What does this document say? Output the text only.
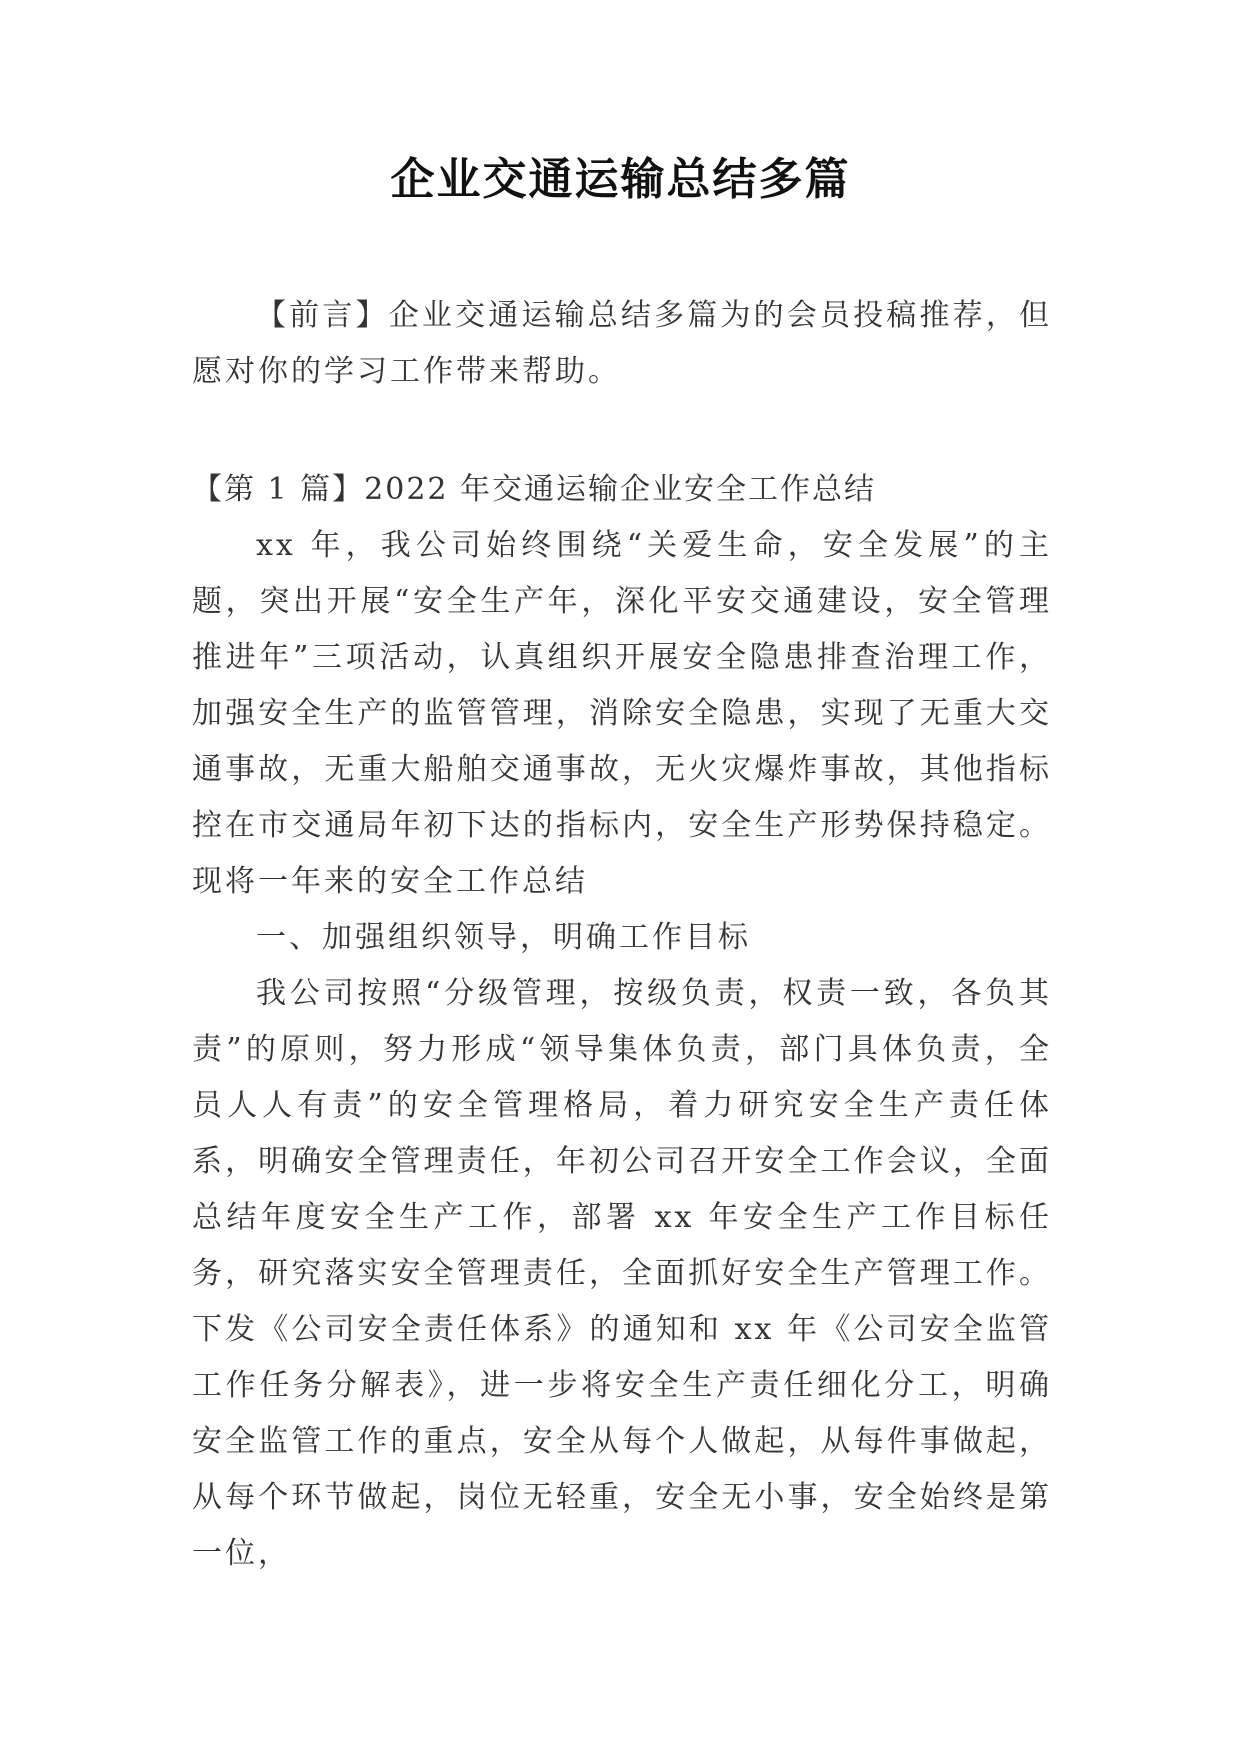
企业交通运输总结多篇
【前言】企业交通运输总结多篇为的会员投稿推荐，但愿对你的学习工作带来帮助。
【第 1 篇】2022 年交通运输企业安全工作总结

xx 年，我公司始终围绕“关爱生命，安全发展”的主题，突出开展“安全生产年，深化平安交通建设，安全管理推进年”三项活动，认真组织开展安全隐患排查治理工作，加强安全生产的监管管理，消除安全隐患，实现了无重大交通事故，无重大船舶交通事故，无火灾爆炸事故，其他指标控在市交通局年初下达的指标内，安全生产形势保持稳定。现将一年来的安全工作总结

一、加强组织领导，明确工作目标

我公司按照“分级管理，按级负责，权责一致，各负其责”的原则，努力形成“领导集体负责，部门具体负责，全员人人有责”的安全管理格局，着力研究安全生产责任体系，明确安全管理责任，年初公司召开安全工作会议，全面总结年度安全生产工作，部署 xx 年安全生产工作目标任务，研究落实安全管理责任，全面抓好安全生产管理工作。下发《公司安全责任体系》的通知和 xx 年《公司安全监管工作任务分解表》，进一步将安全生产责任细化分工，明确安全监管工作的重点，安全从每个人做起，从每件事做起，从每个环节做起，岗位无轻重，安全无小事，安全始终是第一位，
